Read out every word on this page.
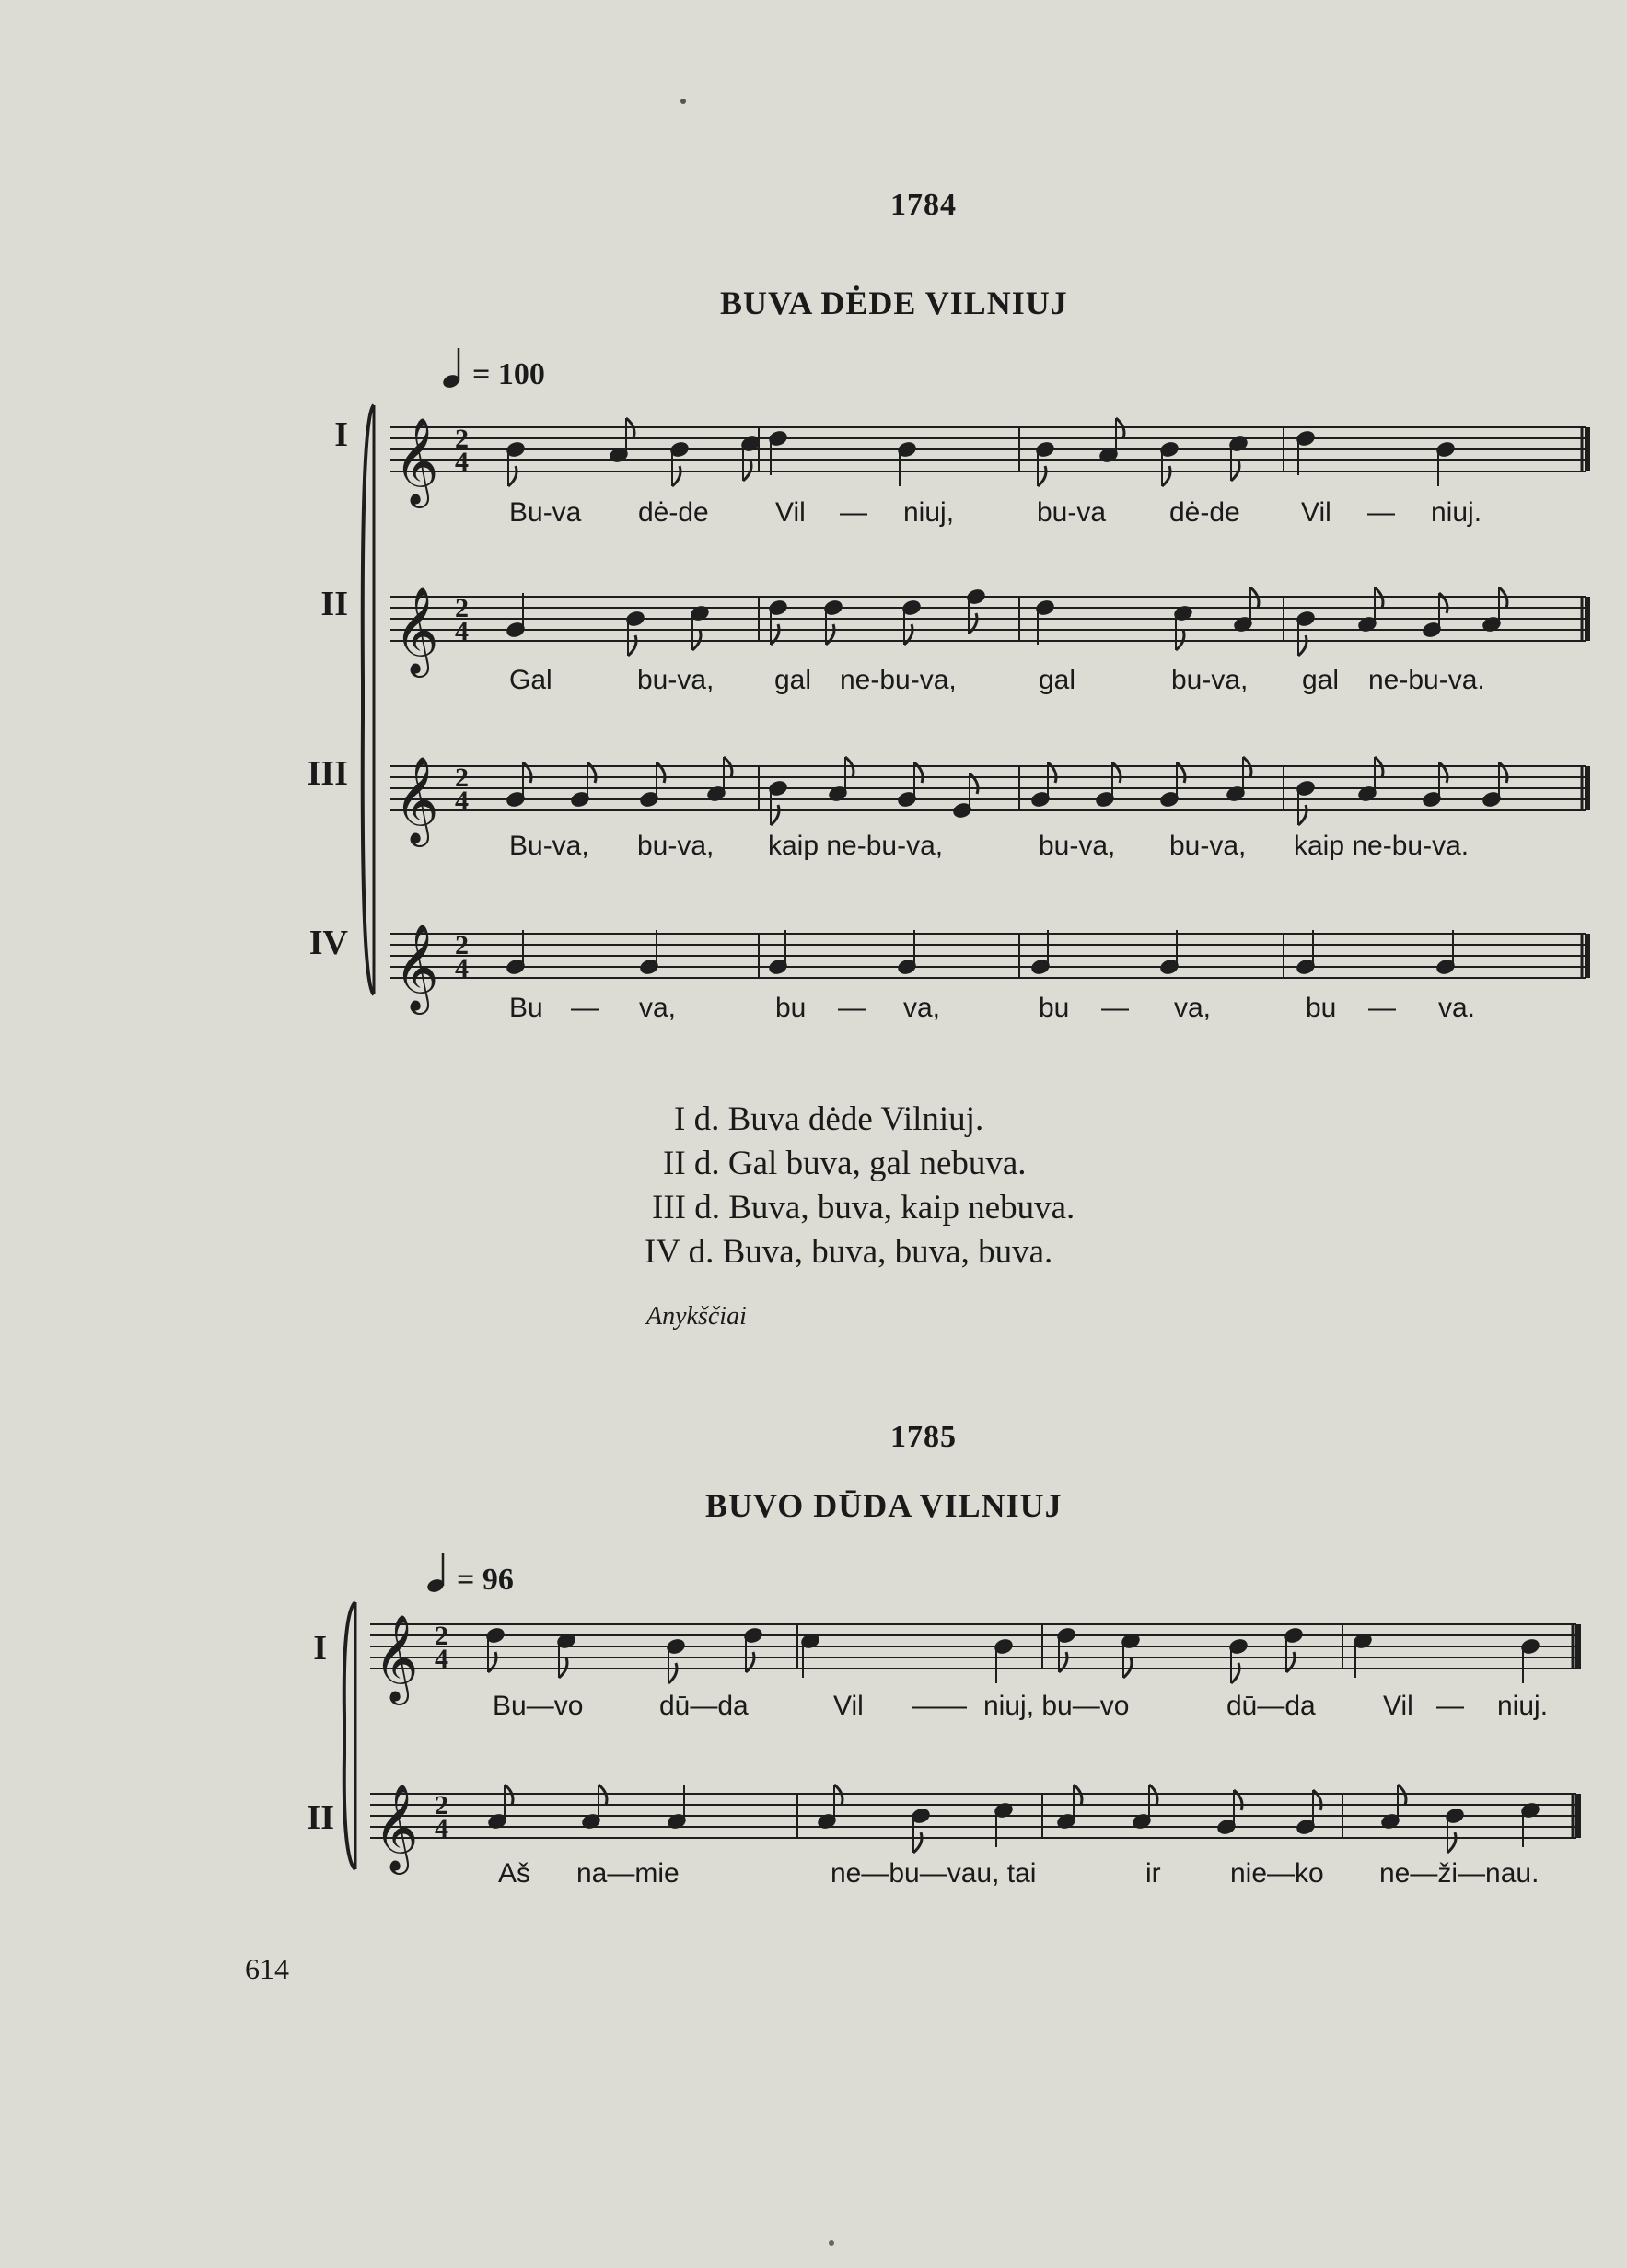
1784
BUVA DĖDE VILNIUJ
= 100
I
II
III
IV
Bu-va dė-de Vil — niuj,	bu-va dė-de Vil — niuj.
Gal	bu-va, gal ne-bu-va,	gal	bu-va, gal ne-bu-va.
Bu-va, bu-va, kaip ne-bu-va,	bu-va, bu-va, kaip ne-bu-va.
Bu — va,	bu — va,	bu — va,	bu — va.
I d. Buva dėde Vilniuj.
II d. Gal buva, gal nebuva.
III d. Buva, buva, kaip nebuva.
IV d. Buva, buva, buva, buva.
Anykščiai
1785
BUVO DŪDA VILNIUJ
= 96
I
II
Bu—vo	dū—da	Vil —— niuj, bu—vo	dū—da Vil — niuj.
Aš na—mie	ne—bu—vau, tai	ir	nie—ko ne—ži—nau.
614
𝄞 2
4
𝄞 2
4
𝄞 2
4
𝄞 2
4
𝄞 2
4
𝄞 2
4
